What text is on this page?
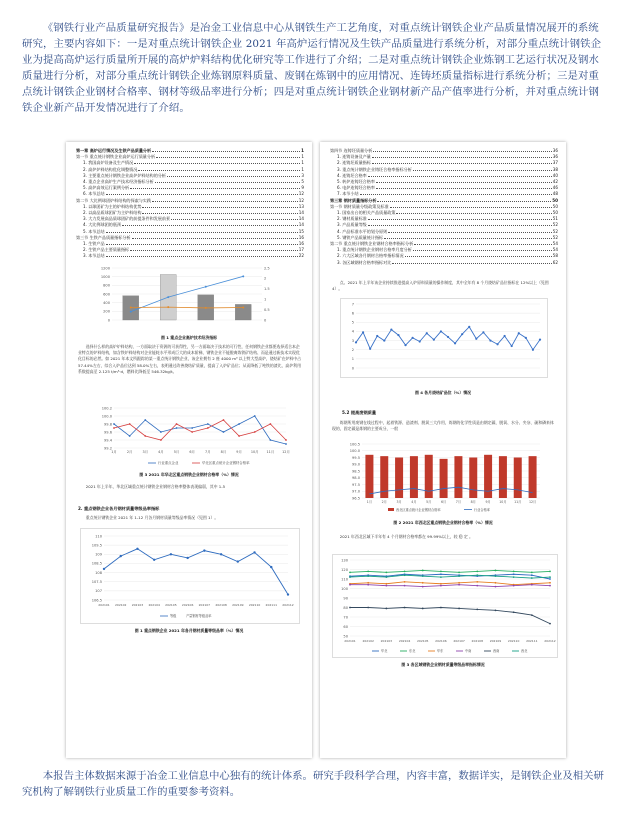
《钢铁行业产品质量研究报告》是冶金工业信息中心从钢铁生产工艺角度，对重点统计钢铁企业产品质量情况展开的系统研究，主要内容如下：一是对重点统计钢铁企业 2021 年高炉运行情况及生铁产品质量进行系统分析，对部分重点统计钢铁企业为提高高炉运行质量所开展的高炉炉料结构优化研究等工作进行了介绍；二是对重点统计钢铁企业炼钢工艺运行状况及钢水质量进行分析，对部分重点统计钢铁企业炼钢原料质量、废钢在炼钢中的应用情况、连铸坯质量指标进行系统分析；三是对重点统计钢铁企业钢材合格率、钢材等级品率进行分析；四是对重点统计钢铁企业钢材新产品产值率进行分析，并对重点统计钢铁企业新产品开发情况进行了介绍。

第一章 高炉运行情况及生铁产品质量分析	1
第一节 重点统计钢铁企业高炉运行质量分析	1
1. 我国高炉设备及生产情况	1
2. 高炉炉料结构优化调整情况	1
3. 主要重点统计钢铁企业高炉炉料结构的分析	3
4. 重点企业高炉生产技术经济指标分析	5
5. 高炉高效运行案例分析	9
6. 本节总结	12
第二节 大比例球团炉料结构的探索与实践	12
1. 以球团矿为主的炉料结构优势	13
2. 以高品质球团矿为主炉料结构	14
3. 大力发展高品质球团矿的前提条件和发展前景	14
4. 大比例球团的瓶颈	14
5. 本节总结	15
第三节 生铁产品质量指标分析	16
1. 生铁产品	16
2. 生铁产品主要质量指标	17
3. 本节总结	22
1200
1000
800
600
400
200
0
2.5
2
1.5
1
0.5
0
图 1 重点企业高炉技术经济指标

选择什么样的高炉炉料结构，一方面取决于资源的可获得性，另一方面取决于技术的可行性，任何钢铁企业都要选择适合本企业特点的炉料结构，如含铁炉料结构对企业能耗水平形成巨大的成本阶梯，钢铁企业不能脱离炼铁矿结构、而是通过新技术实现优化目标的必然。如 2021 年本文所跟踪的某一重点统计钢铁企业，该企业拥有 2 座 4000 m³ 以上特大型高炉，烧结矿在炉料中占 57.44%左右，综合入炉品位达到 58.0%左右，表明通过改善烧结矿质量，提高了入炉矿品位；从而降低了吨铁的渣比，高炉利用系数提高至 2.125 t/m³·d，燃料比降低至 546.32kg/t。

100.2
100.0
99.8
99.6
99.4
99.2
1月	2月	3月	4月	5月	6月	7月	8月	9月	10月 11月 12月
行业重点企业	华北区重点统计企业钢材合格率
图 3 2021 年华北区重点钢铁企业钢材合格率（%）情况

2021 年上半年，华北区域重点统计钢铁企业钢材合格率整体表现偏弱，其中 1-5

2. 重点钢铁企业各月钢材质量等级品率指标

重点统计钢铁企业 2021 年 1-12 月各月钢材质量等级品率情况（见图 1）。

110
109.5
109
108.5
108
107.5
107
106.5
202101 202102 202103 202104 202105 202106 202107 202108 202109 202110 202111 202112
等级	产量钢材等级品率
图 1 重点钢铁企业 2021 年各月钢材质量等级品率（%）情况
第四节 连铸坯质量分析	36
1. 连铸设备及产量	36
2. 连铸坯质量指标	37
3. 重点统计钢铁企业铸坯合格率指标分析	38
4. 连铸坯合格率	40
5. 转炉连铸坯合格率	42
6. 电炉连铸坯合格率	46
7. 本节小结	48
第三章 钢材质量指标分析	50
第一节 钢材质量分级政策及标准	50
1. 国家出台的相关产品质量政策	50
2. 钢材质量标准	51
3. 产品质量等级	52
4. 产品标准水平的划分原则	52
5. 钢铁产品质量统计指标	52
第二节 重点统计钢铁企业钢材合格率指标分析	54
1. 重点统计钢铁企业钢材合格率月度分析	54
2. 六大区域各月钢材合格率指标情况	58
3. 各区域钢材合格率指标对比	62

点。2021 年上半年该企业持续推进提高入炉原料质量的操作制度，其中全年有 8 个月烧结矿品位指标在 12%以上（见图 4）。

7
6
5
4
3
2
1
0
图 4 各月烧结矿品位（%）情况
5.2 提高废钢质量

炼钢所用废钢在线过程中，起着铁源、造渣剂、脱氧三大作用，炼钢的化学性质是由钢定碳、脱氧、水分、夹杂、硫和磷来体现的，固定碳是炼钢的主要成分，一般

100.5
100.0
99.5
99.0
98.5
98.0
97.5
97.0
96.5
1月	2月	3月	4月	5月	6月	7月	8月	9月	10月 11月 12月
西北区重点统计企业钢材合格率	行业合格率
图 2 2021 年西北区重点钢铁企业钢材合格率（%）情况

2021 年西北区域下半年有 4 个月钢材合格率都在 99.99%以上，较 稳 定 。

130
120
110
100
90
80
70
60
50
202101 202102 202103 202104 202105 202106 202107 202108 202109 202110 202111 202112
华北	东北	华东	中南	西南	西北
图 3 各区域钢铁企业钢材质量等级品率指标情况

本报告主体数据来源于冶金工业信息中心独有的统计体系。研究手段科学合理，内容丰富，数据详实，是钢铁企业及相关研究机构了解钢铁行业质量工作的重要参考资料。
